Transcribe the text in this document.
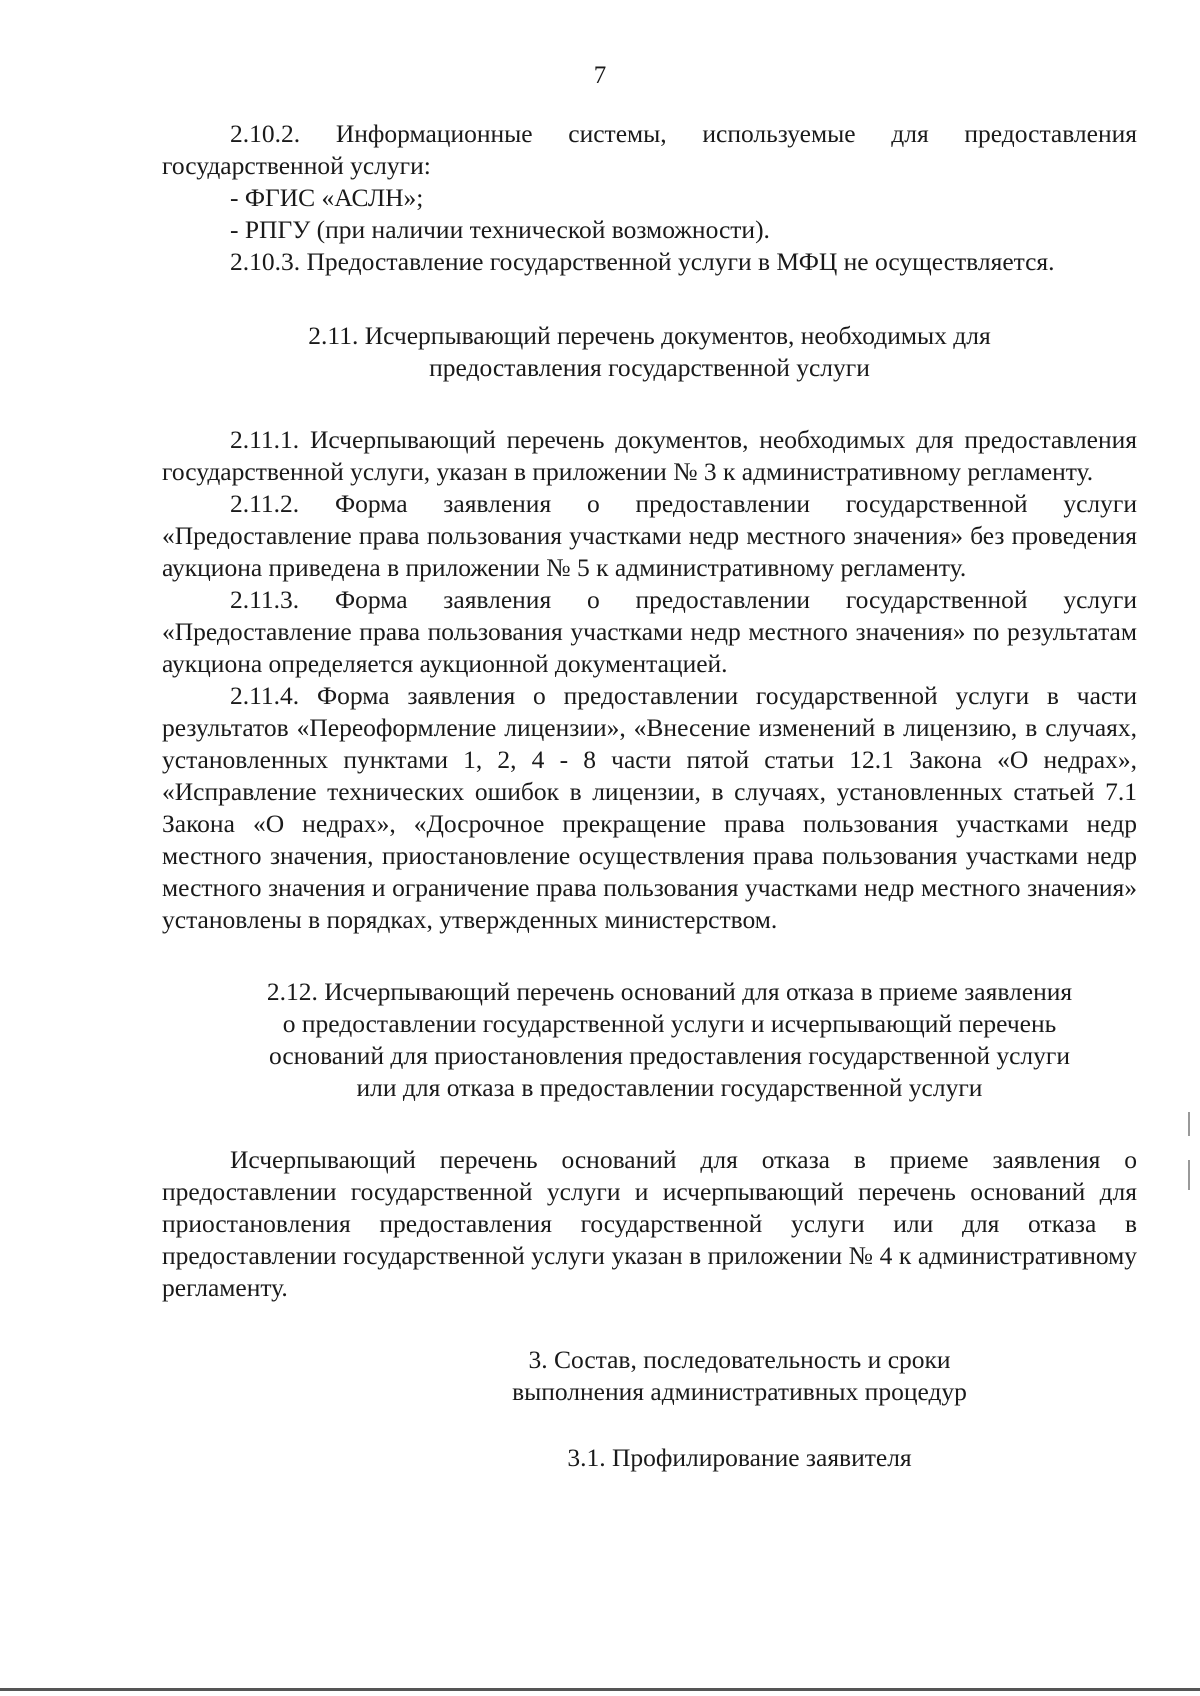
7

2.10.2. Информационные системы, используемые для предоставления государственной услуги:

- ФГИС «АСЛН»;

- РПГУ (при наличии технической возможности).

2.10.3. Предоставление государственной услуги в МФЦ не осуществляется.

2.11. Исчерпывающий перечень документов, необходимых для
предоставления государственной услуги

2.11.1. Исчерпывающий перечень документов, необходимых для предоставления государственной услуги, указан в приложении № 3 к административному регламенту.

2.11.2. Форма заявления о предоставлении государственной услуги «Предоставление права пользования участками недр местного значения» без проведения аукциона приведена в приложении № 5 к административному регламенту.

2.11.3. Форма заявления о предоставлении государственной услуги «Предоставление права пользования участками недр местного значения» по результатам аукциона определяется аукционной документацией.

2.11.4. Форма заявления о предоставлении государственной услуги в части результатов «Переоформление лицензии», «Внесение изменений в лицензию, в случаях, установленных пунктами 1, 2, 4 - 8 части пятой статьи 12.1 Закона «О недрах», «Исправление технических ошибок в лицензии, в случаях, установленных статьей 7.1 Закона «О недрах», «Досрочное прекращение права пользования участками недр местного значения, приостановление осуществления права пользования участками недр местного значения и ограничение права пользования участками недр местного значения» установлены в порядках, утвержденных министерством.

2.12. Исчерпывающий перечень оснований для отказа в приеме заявления
о предоставлении государственной услуги и исчерпывающий перечень
оснований для приостановления предоставления государственной услуги
или для отказа в предоставлении государственной услуги

Исчерпывающий перечень оснований для отказа в приеме заявления о предоставлении государственной услуги и исчерпывающий перечень оснований для приостановления предоставления государственной услуги или для отказа в предоставлении государственной услуги указан в приложении № 4 к административному регламенту.

3. Состав, последовательность и сроки
выполнения административных процедур
3.1. Профилирование заявителя
